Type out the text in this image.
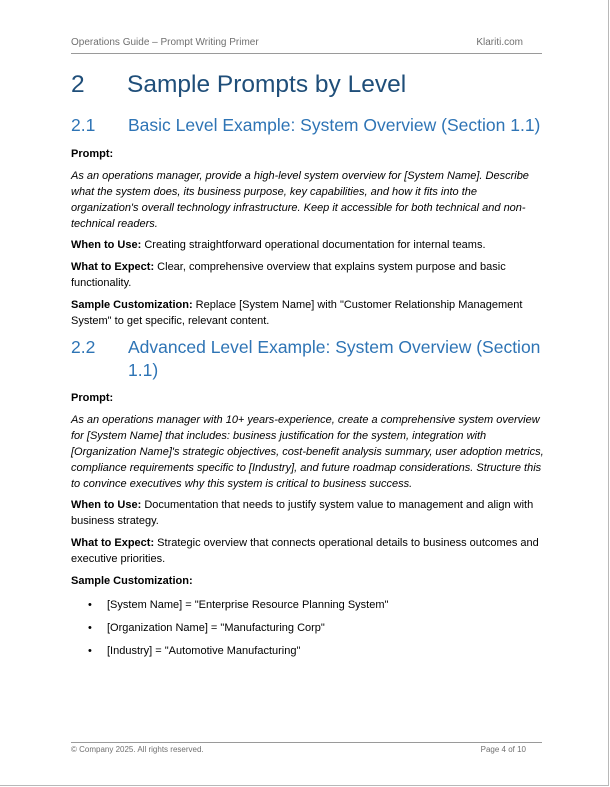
Operations Guide – Prompt Writing Primer	Klariti.com
2	Sample Prompts by Level
2.1	Basic Level Example: System Overview (Section 1.1)

Prompt:

As an operations manager, provide a high-level system overview for [System Name]. Describe what the system does, its business purpose, key capabilities, and how it fits into the organization's overall technology infrastructure. Keep it accessible for both technical and non-technical readers.

When to Use: Creating straightforward operational documentation for internal teams.

What to Expect: Clear, comprehensive overview that explains system purpose and basic functionality.

Sample Customization: Replace [System Name] with "Customer Relationship Management System" to get specific, relevant content.

2.2	Advanced Level Example: System Overview (Section 1.1)

Prompt:

As an operations manager with 10+ years-experience, create a comprehensive system overview for [System Name] that includes: business justification for the system, integration with [Organization Name]'s strategic objectives, cost-benefit analysis summary, user adoption metrics, compliance requirements specific to [Industry], and future roadmap considerations. Structure this to convince executives why this system is critical to business success.

When to Use: Documentation that needs to justify system value to management and align with business strategy.

What to Expect: Strategic overview that connects operational details to business outcomes and executive priorities.

Sample Customization:

• [System Name] = "Enterprise Resource Planning System"
• [Organization Name] = "Manufacturing Corp"
• [Industry] = "Automotive Manufacturing"
© Company 2025. All rights reserved.	Page 4 of 10
